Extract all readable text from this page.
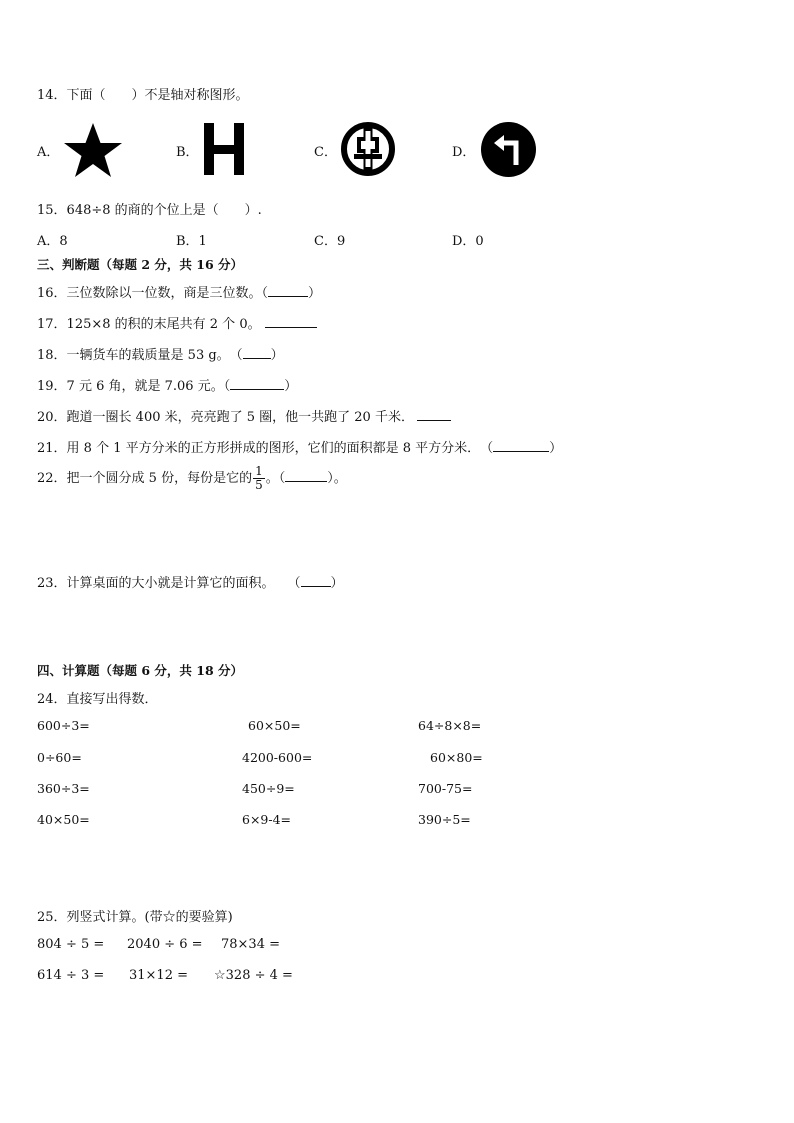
14．下面（　　）不是轴对称图形。
A．	B．	C．	D．
15．648÷8 的商的个位上是（　　）.
A．8	B．1	C．9	D．0
三、判断题（每题 2 分，共 16 分）
16．三位数除以一位数，商是三位数。（	）
17．125×8 的积的末尾共有 2 个 0。
18．一辆货车的载质量是 53 g。　（ ）
19．7 元 6 角，就是 7.06 元。（	）
20．跑道一圈长 400 米，亮亮跑了 5 圈，他一共跑了 20 千米．
21．用 8 个 1 平方分米的正方形拼成的图形，它们的面积都是 8 平方分米．　（	）
22．把一个圆分成 5 份，每份是它的 $\frac{1}{5}$ 。（	）。
23．计算桌面的大小就是计算它的面积。　　（ ）
四、计算题（每题 6 分，共 18 分）
24．直接写出得数．
600÷3=	60×50=	64÷8×8=
0÷60=	4200-600=	60×80=
360÷3=	450÷9=	700-75=
40×50=	6×9-4=	390÷5=
25．列竖式计算。(带☆的要验算)
804 ÷ 5 = 2040 ÷ 6 = 78×34 =
614 ÷ 3 = 31×12 = ☆328 ÷ 4 =
